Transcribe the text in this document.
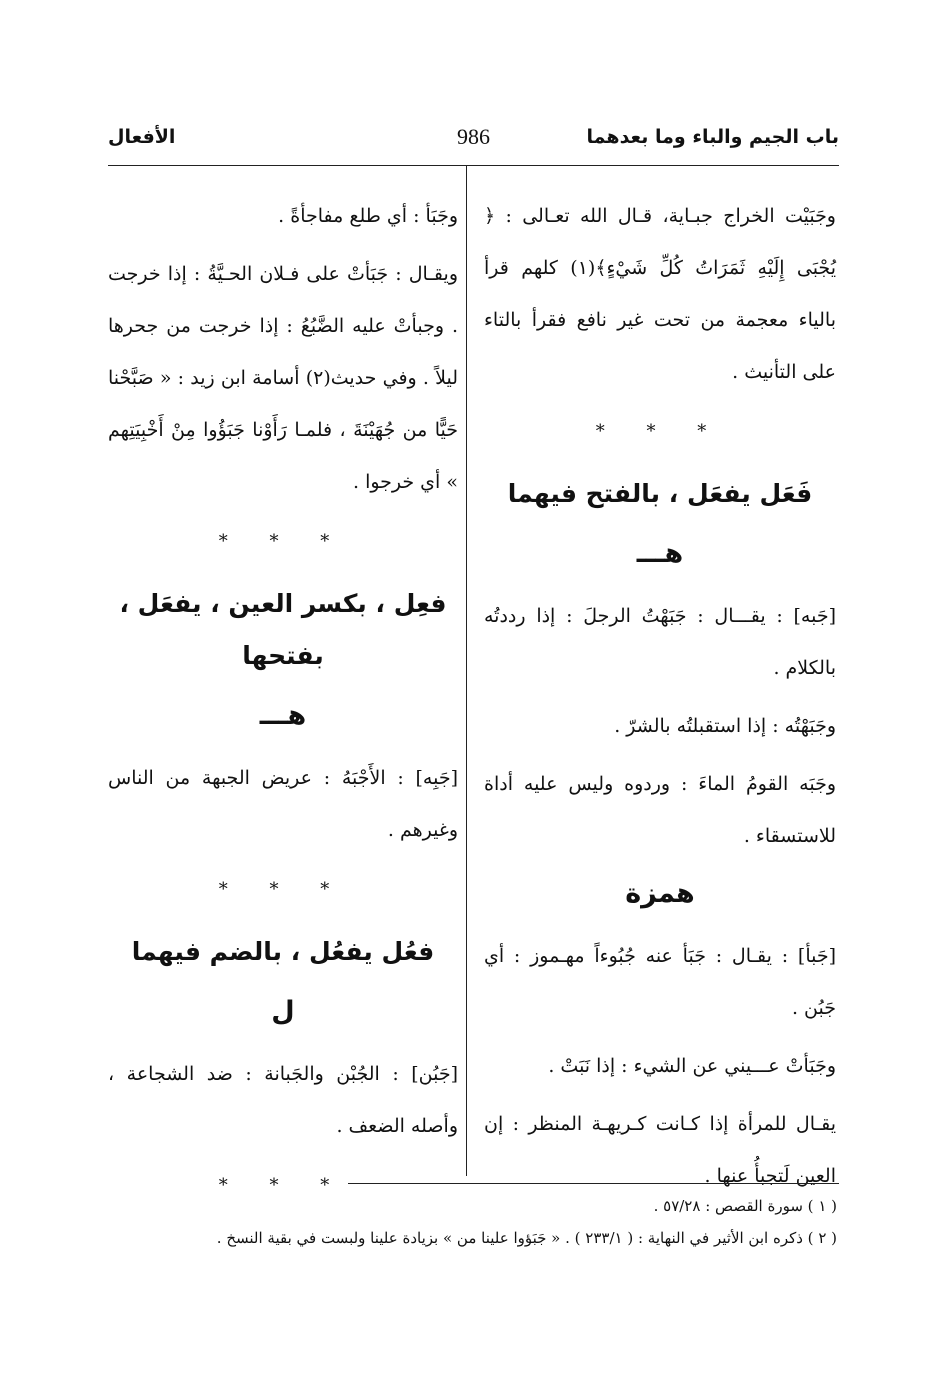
باب الجيم والباء وما بعدهما
986
الأفعال

وجَبَيْت الخراج جبـاية، قـال الله تعـالى : ﴿ يُجْبَى إِلَيْهِ ثَمَرَاتُ كُلِّ شَيْءٍ﴾(١) كلهم قرأ بالياء معجمة من تحت غير نافع فقرأ بالتاء على التأنيث .

* * *
فَعَل يفعَل ، بالفتح فيهما
هـــ

[جَبه] : يقـــال : جَبَهْتُ الرجلَ : إذا رددتُه بالكلام .

وجَبَهْتُه : إذا استقبلتُه بالشرّ .

وجَبَه القومُ الماءَ : وردوه وليس عليه أداة للاستسقاء .

همزة

[جَبأ] : يقـال : جَبَأ عنه جُبُوءاً مهـموز : أي جَبُن .

وجَبَأتْ عـــيني عن الشيء : إذا نَبَتْ .

يقـال للمرأة إذا كـانت كـريهـة المنظر : إن العين لَتجبأُ عنها .

وجَبَأ : أي طلع مفاجأةً .

ويقـال : جَبَأتْ على فـلان الحـيَّةُ : إذا خرجت . وجبأتْ عليه الضَّبُعُ : إذا خرجت من جحرها ليلاً . وفي حديث(٢) أسامة ابن زيد : « صَبَّحْنا حَيًّا من جُهَيْنَةَ ، فلمـا رَأَوْنا جَبَؤُوا مِنْ أَخْبِيَتِهم » أي خرجوا .

* * *
فعِل ، بكسر العين ، يفعَل ، بفتحها
هـــ

[جَبِه] : الأَجْبَهُ : عريض الجبهة من الناس وغيرهم .

* * *
فعُل يفعُل ، بالضم فيهما
ل

[جَبُن] : الجُبْن والجَبانة : ضد الشجاعة ، وأصله الضعف .

* * *

( ١ ) سورة القصص : ٥٧/٢٨ .

( ٢ ) ذكره ابن الأثير في النهاية : ( ٢٣٣/١ ) . « جَبَؤوا علينا من » بزيادة علينا ولبست في بقية النسخ .
